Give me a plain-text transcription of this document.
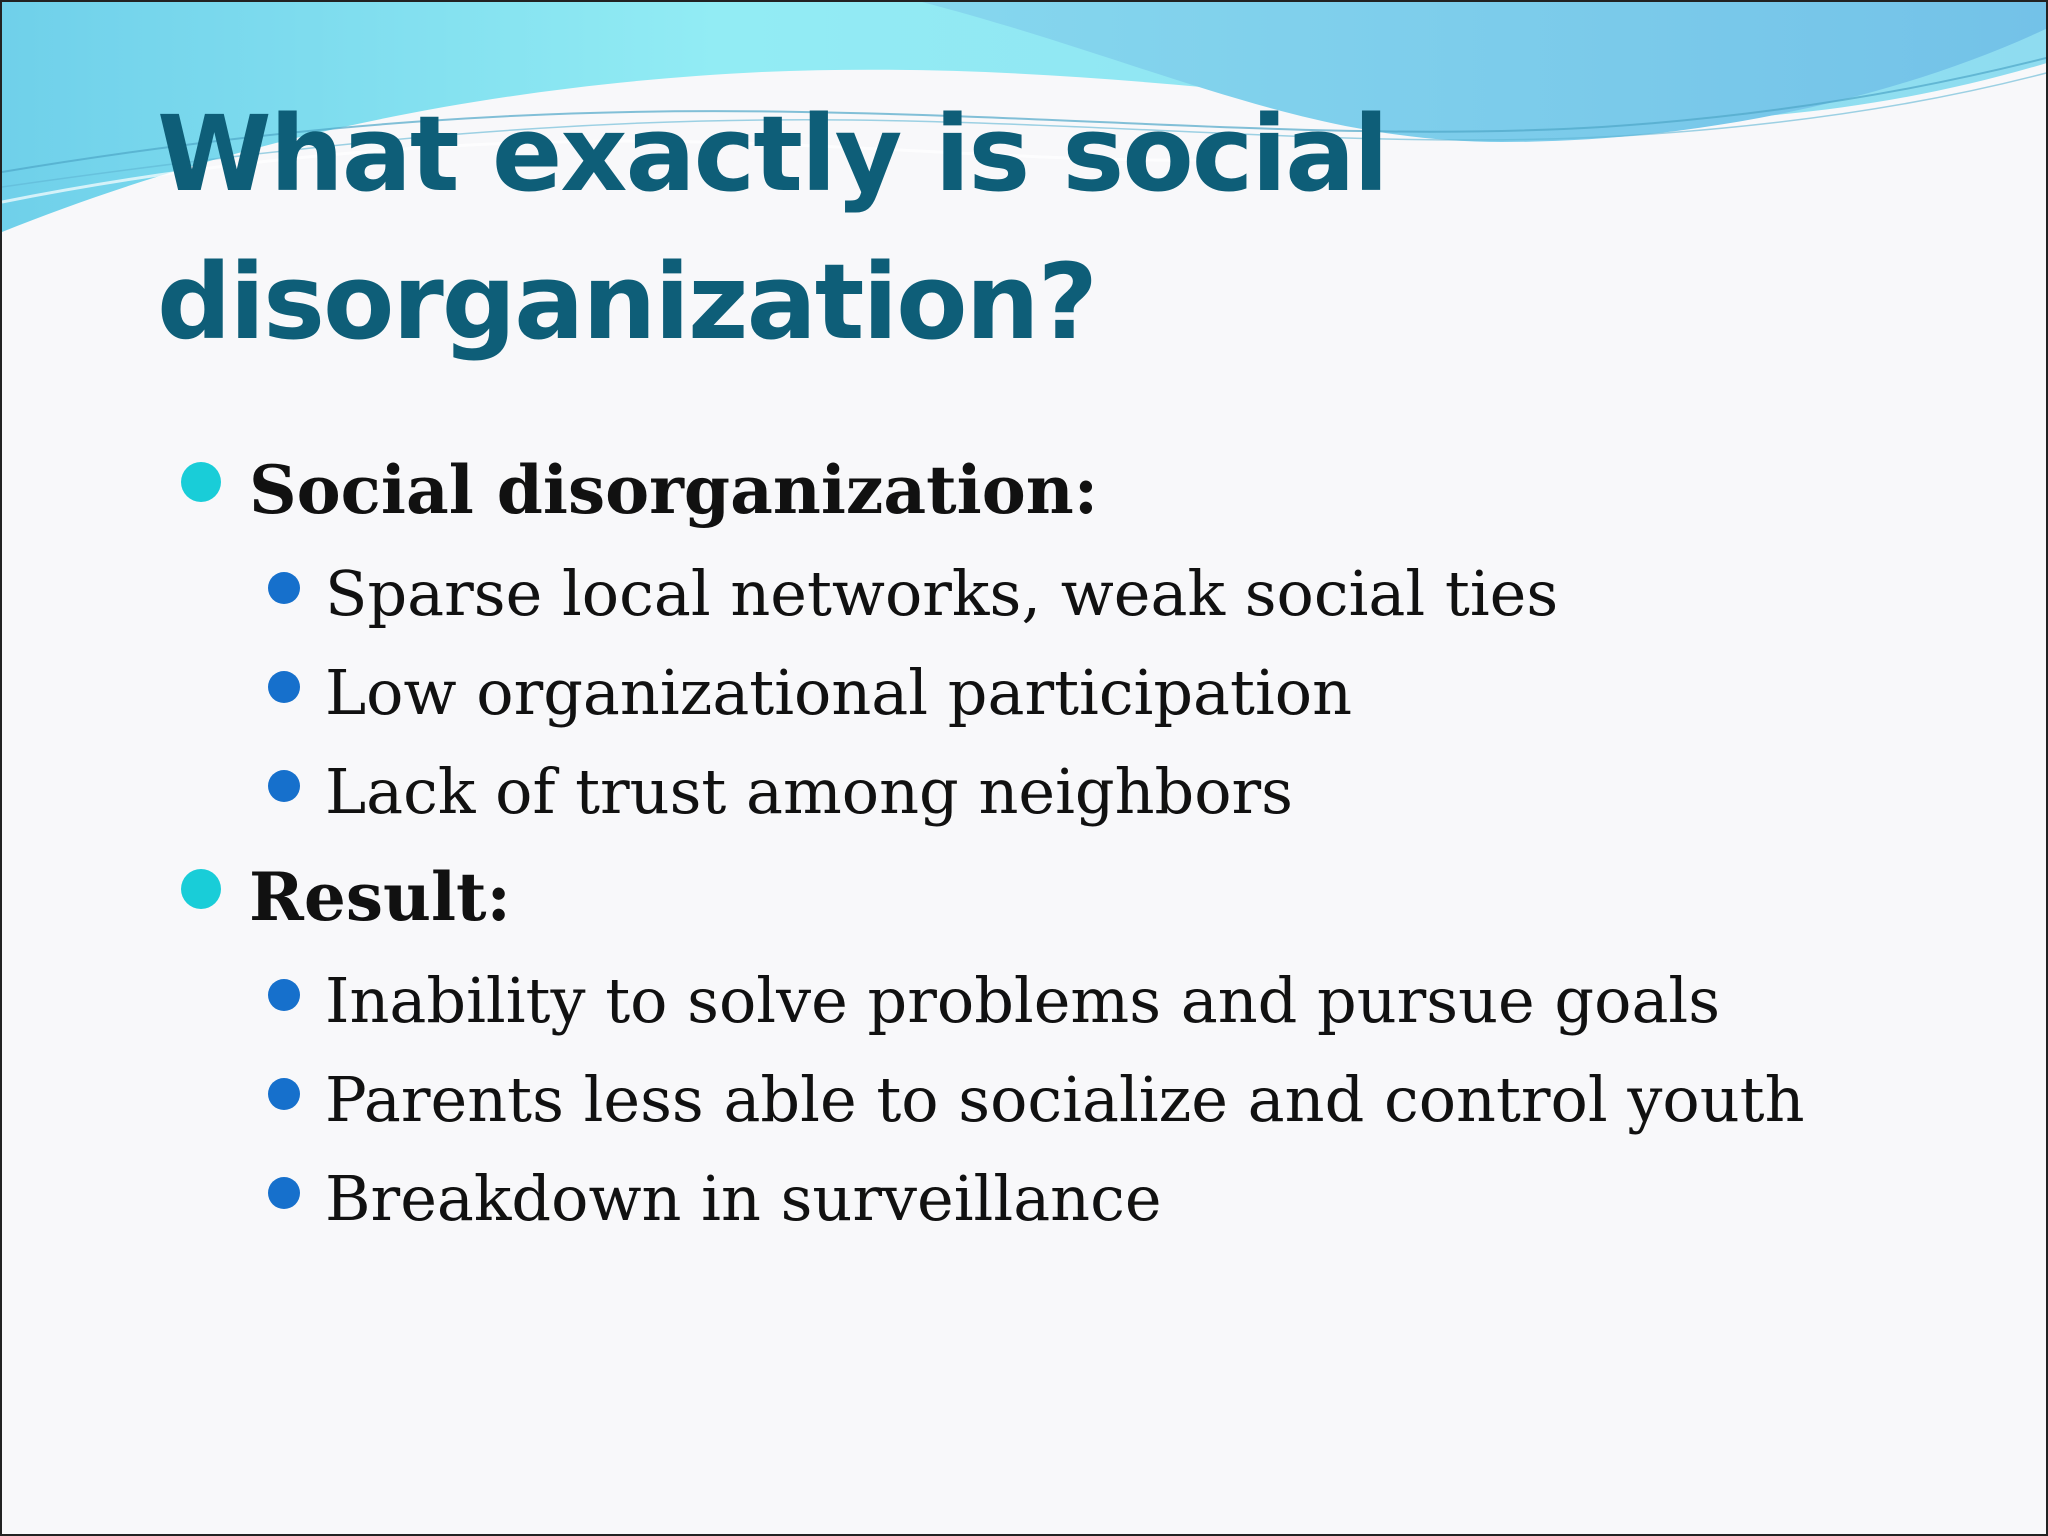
What exactly is social
disorganization?
Social disorganization:
Sparse local networks, weak social ties
Low organizational participation
Lack of trust among neighbors
Result:
Inability to solve problems and pursue goals
Parents less able to socialize and control youth
Breakdown in surveillance
